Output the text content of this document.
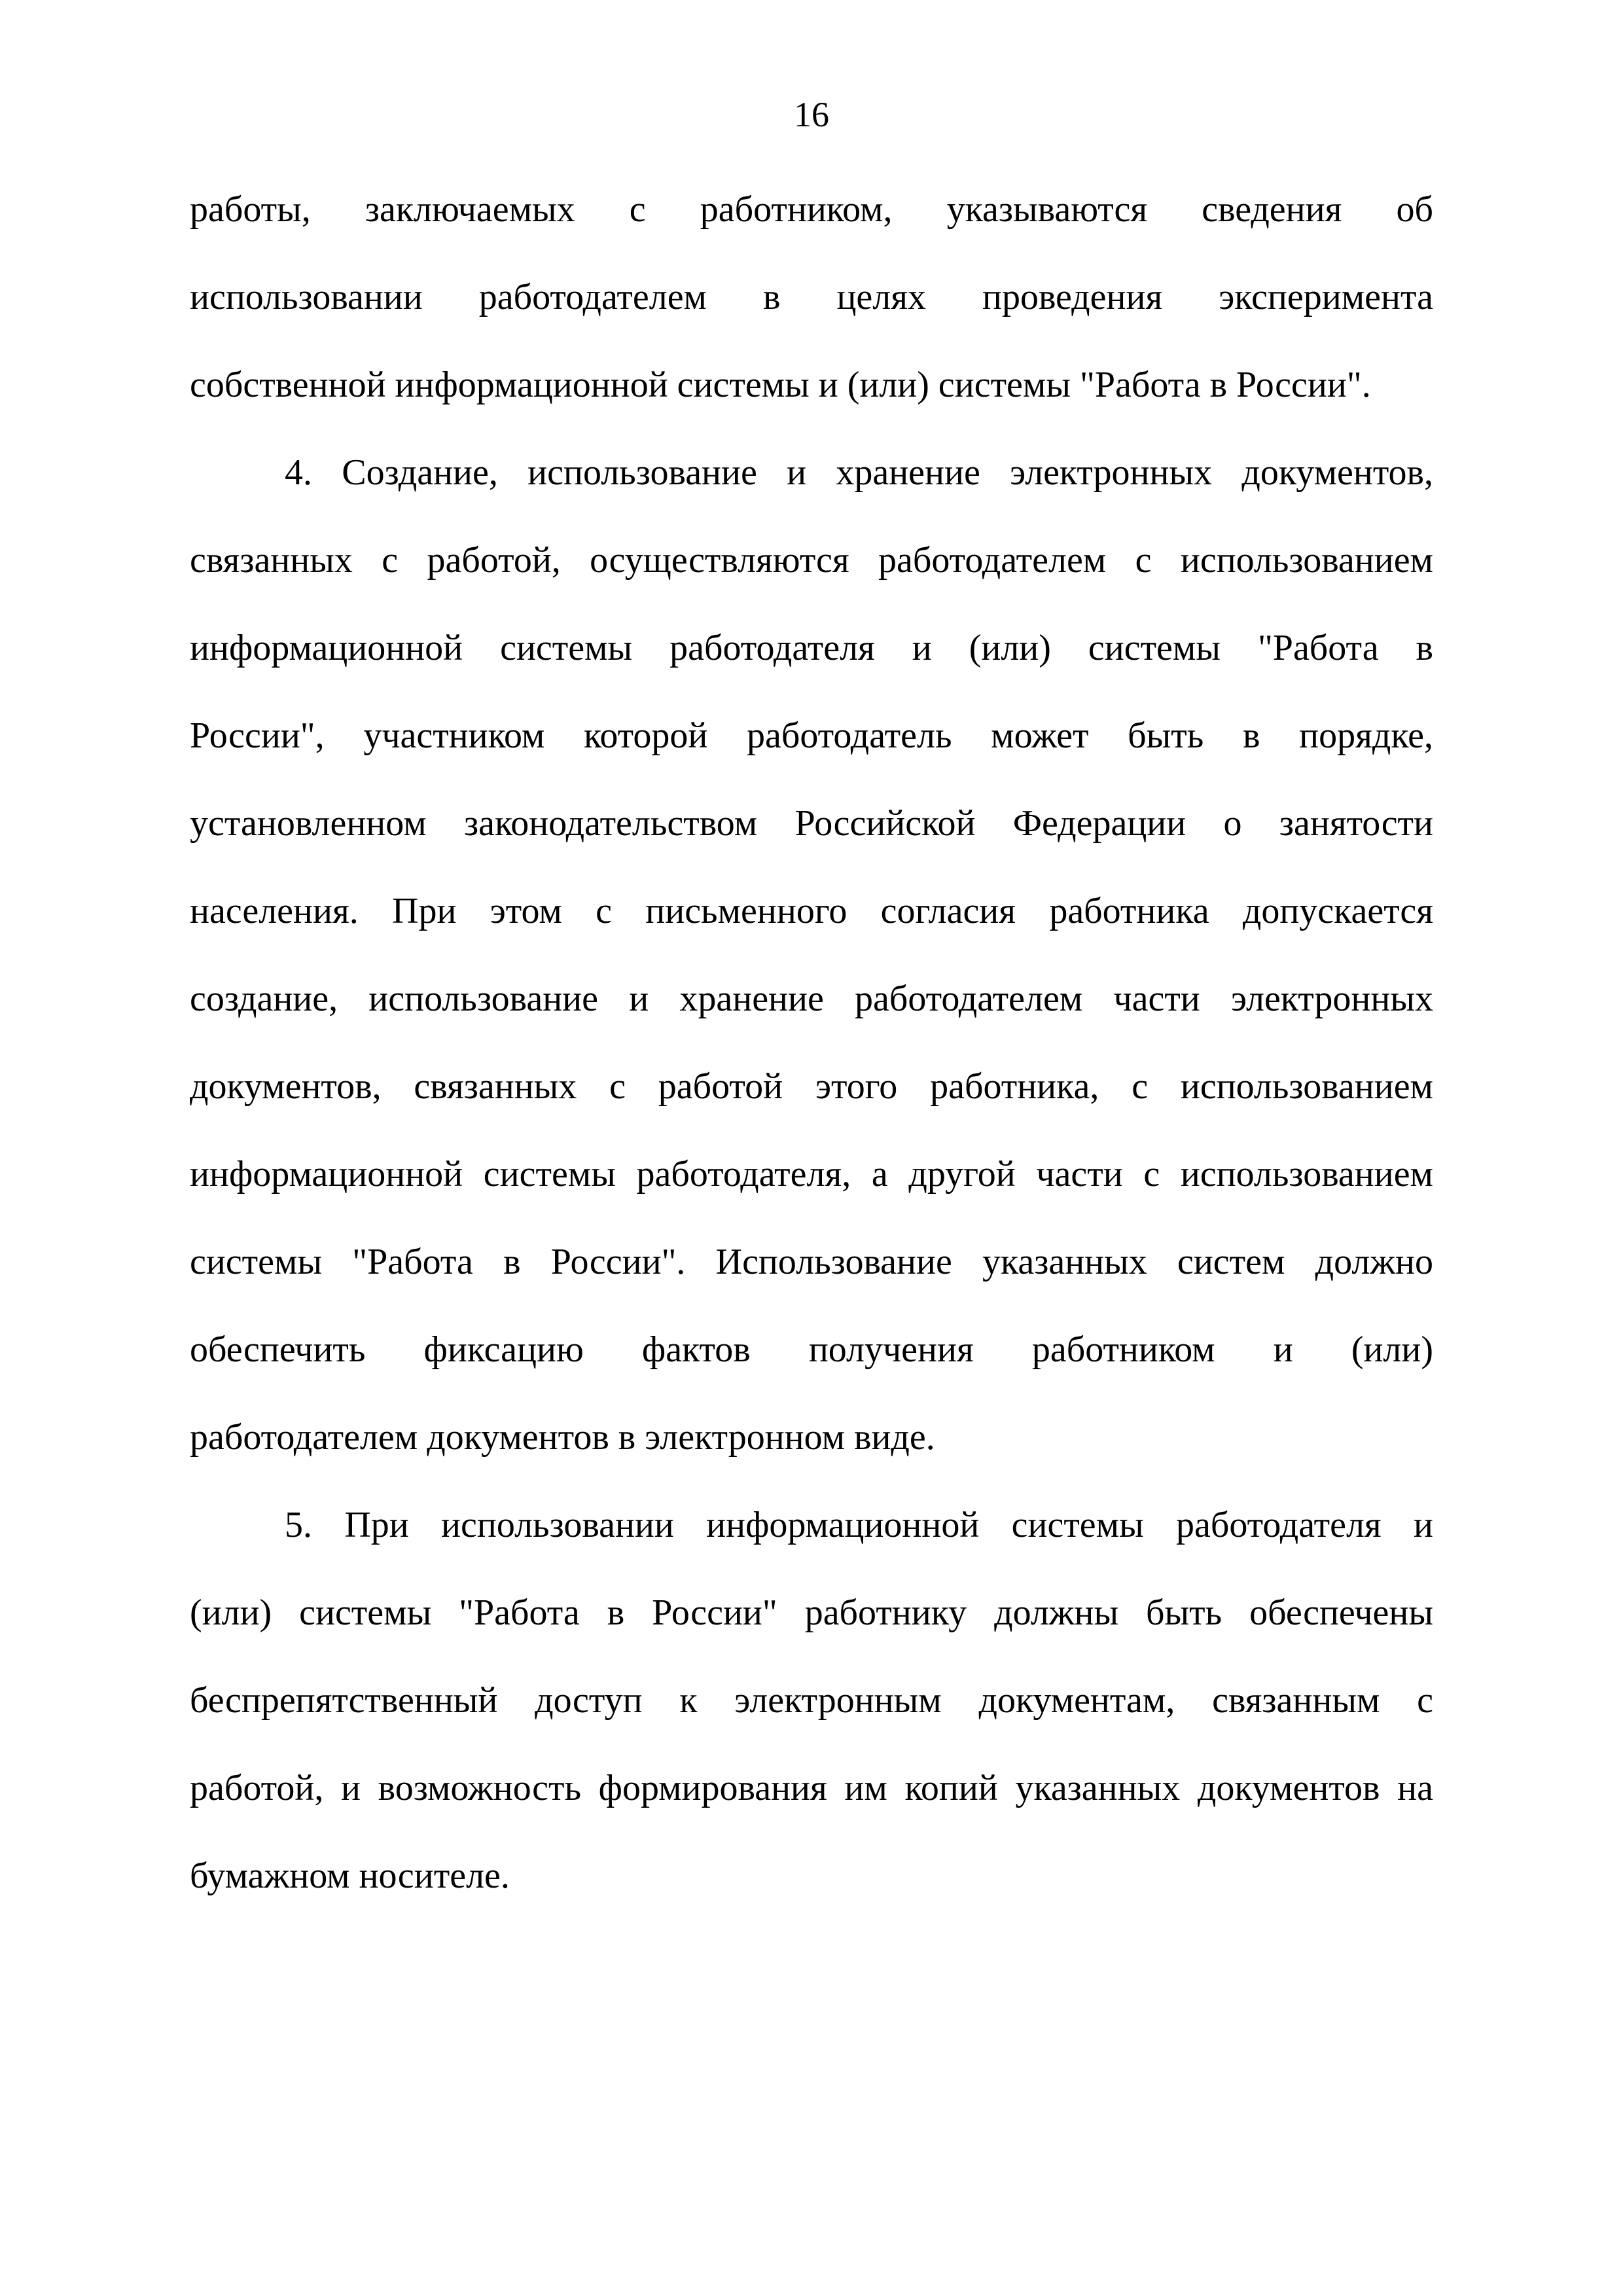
16
работы, заключаемых с работником, указываются сведения об
использовании работодателем в целях проведения эксперимента
собственной информационной системы и (или) системы "Работа в России".
4. Создание, использование и хранение электронных документов,
связанных с работой, осуществляются работодателем с использованием
информационной системы работодателя и (или) системы "Работа в
России", участником которой работодатель может быть в порядке,
установленном законодательством Российской Федерации о занятости
населения. При этом с письменного согласия работника допускается
создание, использование и хранение работодателем части электронных
документов, связанных с работой этого работника, с использованием
информационной системы работодателя, а другой части с использованием
системы "Работа в России". Использование указанных систем должно
обеспечить фиксацию фактов получения работником и (или)
работодателем документов в электронном виде.
5. При использовании информационной системы работодателя и
(или) системы "Работа в России" работнику должны быть обеспечены
беспрепятственный доступ к электронным документам, связанным с
работой, и возможность формирования им копий указанных документов на
бумажном носителе.
